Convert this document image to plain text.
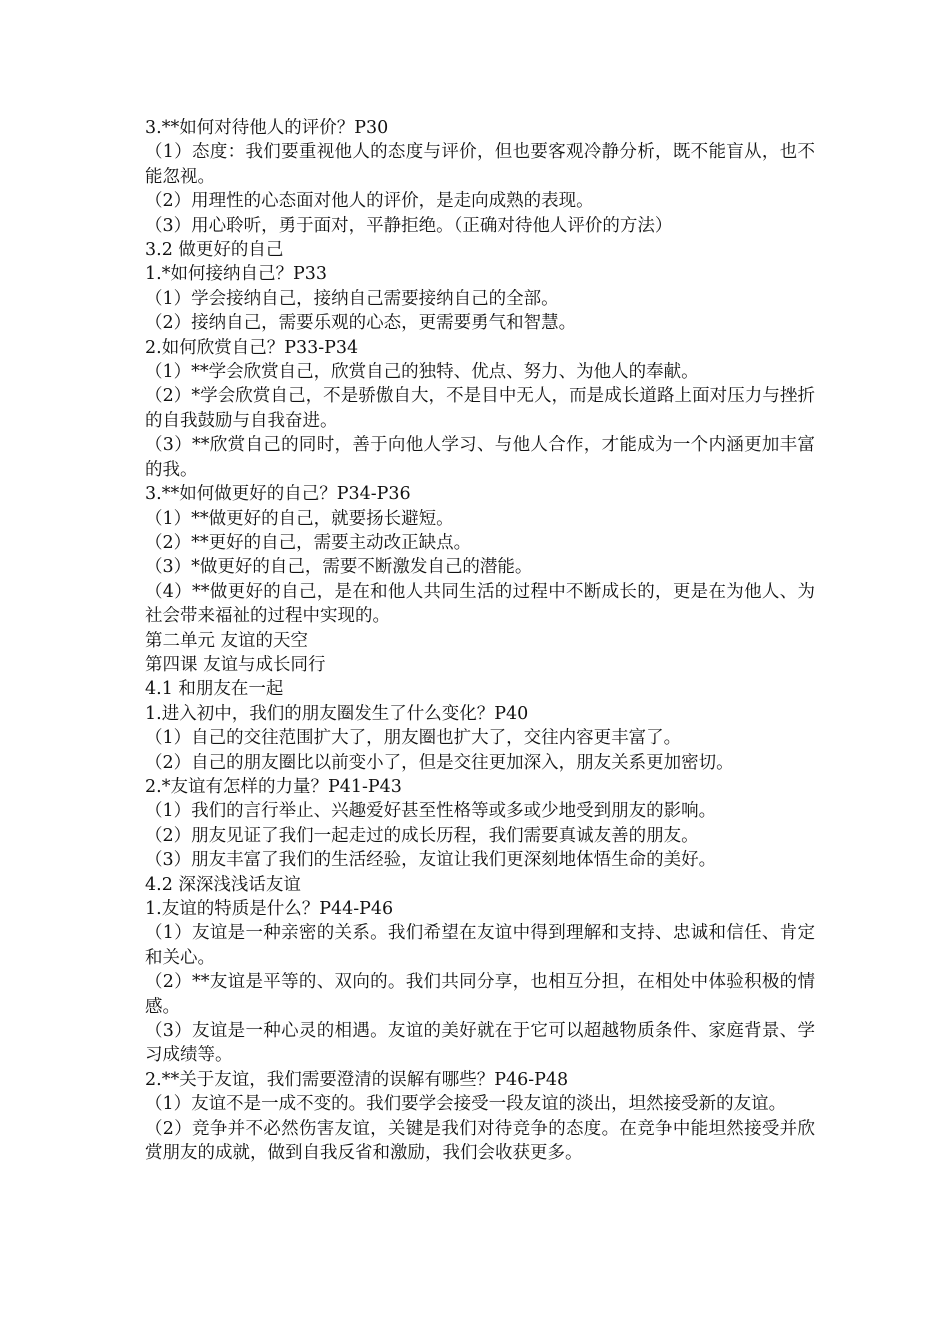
3.**如何对待他人的评价？P30

（1）态度：我们要重视他人的态度与评价，但也要客观冷静分析，既不能盲从，也不能忽视。

（2）用理性的心态面对他人的评价，是走向成熟的表现。

（3）用心聆听，勇于面对，平静拒绝。（正确对待他人评价的方法）

3.2 做更好的自己

1.*如何接纳自己？P33

（1）学会接纳自己，接纳自己需要接纳自己的全部。

（2）接纳自己，需要乐观的心态，更需要勇气和智慧。

2.如何欣赏自己？P33-P34

（1）**学会欣赏自己，欣赏自己的独特、优点、努力、为他人的奉献。

（2）*学会欣赏自己，不是骄傲自大，不是目中无人，而是成长道路上面对压力与挫折的自我鼓励与自我奋进。

（3）**欣赏自己的同时，善于向他人学习、与他人合作，才能成为一个内涵更加丰富的我。

3.**如何做更好的自己？P34-P36

（1）**做更好的自己，就要扬长避短。

（2）**更好的自己，需要主动改正缺点。

（3）*做更好的自己，需要不断激发自己的潜能。

（4）**做更好的自己，是在和他人共同生活的过程中不断成长的，更是在为他人、为社会带来福祉的过程中实现的。

第二单元 友谊的天空

第四课 友谊与成长同行

4.1 和朋友在一起

1.进入初中，我们的朋友圈发生了什么变化？P40

（1）自己的交往范围扩大了，朋友圈也扩大了，交往内容更丰富了。

（2）自己的朋友圈比以前变小了，但是交往更加深入，朋友关系更加密切。

2.*友谊有怎样的力量？P41-P43

（1）我们的言行举止、兴趣爱好甚至性格等或多或少地受到朋友的影响。

（2）朋友见证了我们一起走过的成长历程，我们需要真诚友善的朋友。

（3）朋友丰富了我们的生活经验，友谊让我们更深刻地体悟生命的美好。

4.2 深深浅浅话友谊

1.友谊的特质是什么？P44-P46

（1）友谊是一种亲密的关系。我们希望在友谊中得到理解和支持、忠诚和信任、肯定和关心。

（2）**友谊是平等的、双向的。我们共同分享，也相互分担，在相处中体验积极的情感。

（3）友谊是一种心灵的相遇。友谊的美好就在于它可以超越物质条件、家庭背景、学习成绩等。

2.**关于友谊，我们需要澄清的误解有哪些？P46-P48

（1）友谊不是一成不变的。我们要学会接受一段友谊的淡出，坦然接受新的友谊。

（2）竞争并不必然伤害友谊，关键是我们对待竞争的态度。在竞争中能坦然接受并欣赏朋友的成就，做到自我反省和激励，我们会收获更多。
